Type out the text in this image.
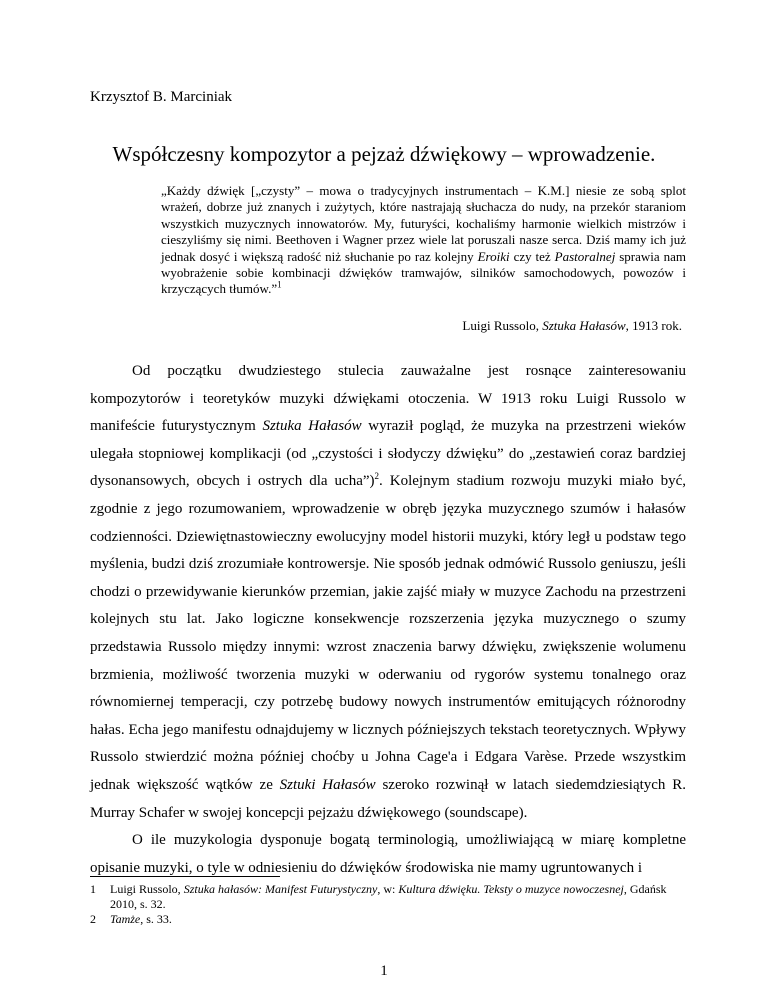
Krzysztof B. Marciniak
Współczesny kompozytor a pejzaż dźwiękowy – wprowadzenie.
„Każdy dźwięk [„czysty” – mowa o tradycyjnych instrumentach – K.M.] niesie ze sobą splot wrażeń, dobrze już znanych i zużytych, które nastrajają słuchacza do nudy, na przekór staraniom wszystkich muzycznych innowatorów. My, futuryści, kochaliśmy harmonie wielkich mistrzów i cieszyliśmy się nimi. Beethoven i Wagner przez wiele lat poruszali nasze serca. Dziś mamy ich już jednak dosyć i większą radość niż słuchanie po raz kolejny Eroiki czy też Pastoralnej sprawia nam wyobrażenie sobie kombinacji dźwięków tramwajów, silników samochodowych, powozów i krzyczących tłumów.”$^1$
Luigi Russolo, Sztuka Hałasów, 1913 rok.

Od początku dwudziestego stulecia zauważalne jest rosnące zainteresowaniu kompozytorów i teoretyków muzyki dźwiękami otoczenia. W 1913 roku Luigi Russolo w manifeście futurystycznym Sztuka Hałasów wyraził pogląd, że muzyka na przestrzeni wieków ulegała stopniowej komplikacji (od „czystości i słodyczy dźwięku” do „zestawień coraz bardziej dysonansowych, obcych i ostrych dla ucha”)$^2$. Kolejnym stadium rozwoju muzyki miało być, zgodnie z jego rozumowaniem, wprowadzenie w obręb języka muzycznego szumów i hałasów codzienności. Dziewiętnastowieczny ewolucyjny model historii muzyki, który legł u podstaw tego myślenia, budzi dziś zrozumiałe kontrowersje. Nie sposób jednak odmówić Russolo geniuszu, jeśli chodzi o przewidywanie kierunków przemian, jakie zajść miały w muzyce Zachodu na przestrzeni kolejnych stu lat. Jako logiczne konsekwencje rozszerzenia języka muzycznego o szumy przedstawia Russolo między innymi: wzrost znaczenia barwy dźwięku, zwiększenie wolumenu brzmienia, możliwość tworzenia muzyki w oderwaniu od rygorów systemu tonalnego oraz równomiernej temperacji, czy potrzebę budowy nowych instrumentów emitujących różnorodny hałas. Echa jego manifestu odnajdujemy w licznych późniejszych tekstach teoretycznych. Wpływy Russolo stwierdzić można później choćby u Johna Cage'a i Edgara Varèse. Przede wszystkim jednak większość wątków ze Sztuki Hałasów szeroko rozwinął w latach siedemdziesiątych R. Murray Schafer w swojej koncepcji pejzażu dźwiękowego (soundscape).

O ile muzykologia dysponuje bogatą terminologią, umożliwiającą w miarę kompletne opisanie muzyki, o tyle w odniesieniu do dźwięków środowiska nie mamy ugruntowanych i

1	Luigi Russolo, Sztuka hałasów: Manifest Futurystyczny, w: Kultura dźwięku. Teksty o muzyce nowoczesnej, Gdańsk 2010, s. 32.
2	Tamże, s. 33.
1
